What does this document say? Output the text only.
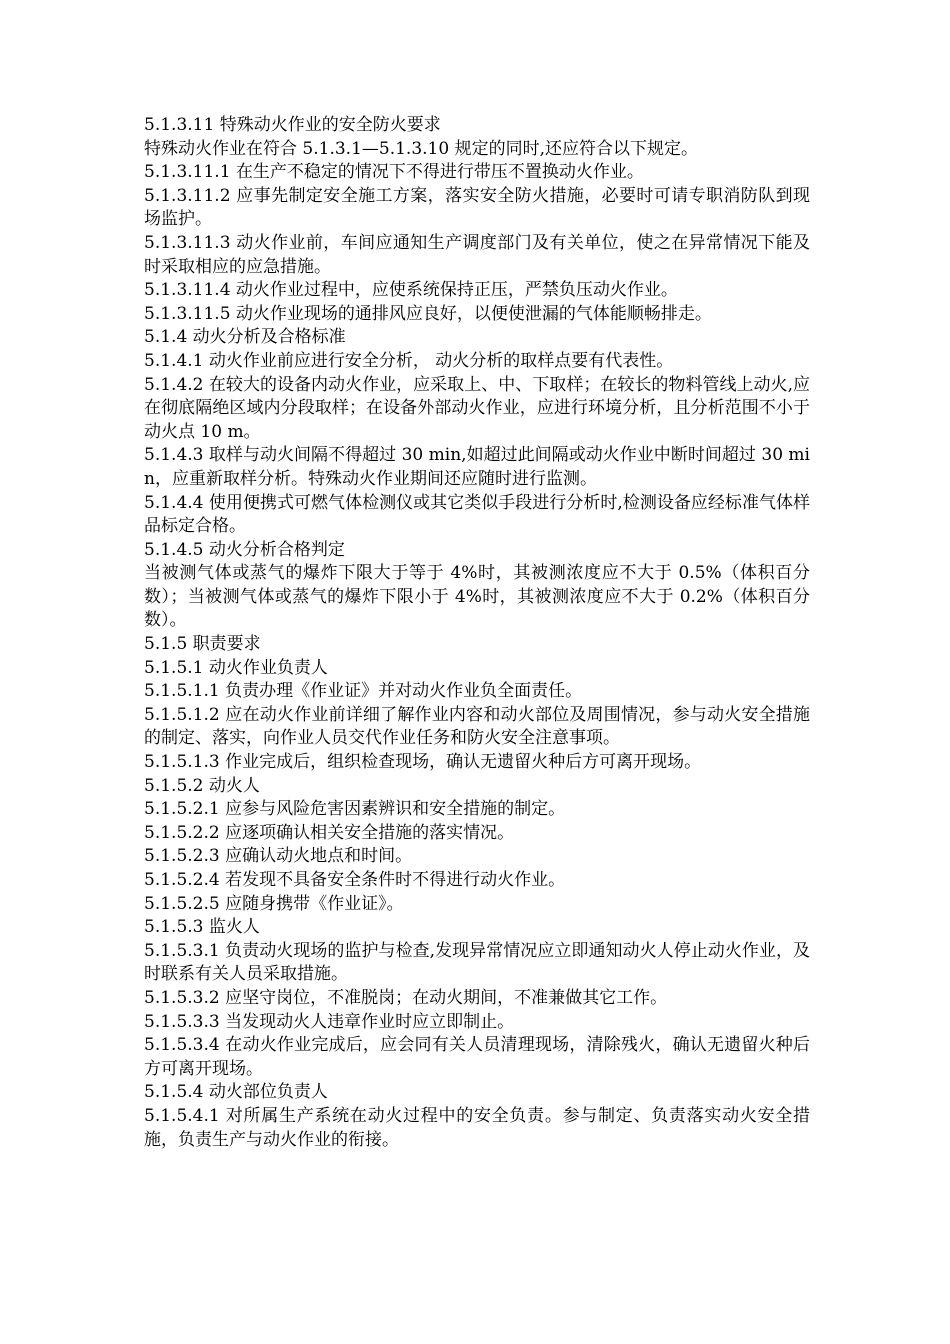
5.1.3.11 特殊动火作业的安全防火要求

特殊动火作业在符合 5.1.3.1—5.1.3.10 规定的同时,还应符合以下规定。

5.1.3.11.1 在生产不稳定的情况下不得进行带压不置换动火作业。

5.1.3.11.2 应事先制定安全施工方案，落实安全防火措施，必要时可请专职消防队到现场监护。

5.1.3.11.3 动火作业前，车间应通知生产调度部门及有关单位，使之在异常情况下能及时采取相应的应急措施。

5.1.3.11.4 动火作业过程中，应使系统保持正压，严禁负压动火作业。

5.1.3.11.5 动火作业现场的通排风应良好，以便使泄漏的气体能顺畅排走。

5.1.4 动火分析及合格标准

5.1.4.1 动火作业前应进行安全分析， 动火分析的取样点要有代表性。

5.1.4.2 在较大的设备内动火作业，应采取上、中、下取样；在较长的物料管线上动火,应在彻底隔绝区域内分段取样；在设备外部动火作业，应进行环境分析，且分析范围不小于动火点 10 m。

5.1.4.3 取样与动火间隔不得超过 30 min,如超过此间隔或动火作业中断时间超过 30 min，应重新取样分析。特殊动火作业期间还应随时进行监测。

5.1.4.4 使用便携式可燃气体检测仪或其它类似手段进行分析时,检测设备应经标准气体样品标定合格。

5.1.4.5 动火分析合格判定

当被测气体或蒸气的爆炸下限大于等于 4%时，其被测浓度应不大于 0.5%（体积百分数）；当被测气体或蒸气的爆炸下限小于 4%时，其被测浓度应不大于 0.2%（体积百分数）。

5.1.5 职责要求

5.1.5.1 动火作业负责人

5.1.5.1.1 负责办理《作业证》并对动火作业负全面责任。

5.1.5.1.2 应在动火作业前详细了解作业内容和动火部位及周围情况，参与动火安全措施的制定、落实，向作业人员交代作业任务和防火安全注意事项。

5.1.5.1.3 作业完成后，组织检查现场，确认无遗留火种后方可离开现场。

5.1.5.2 动火人

5.1.5.2.1 应参与风险危害因素辨识和安全措施的制定。

5.1.5.2.2 应逐项确认相关安全措施的落实情况。

5.1.5.2.3 应确认动火地点和时间。

5.1.5.2.4 若发现不具备安全条件时不得进行动火作业。

5.1.5.2.5 应随身携带《作业证》。

5.1.5.3 监火人

5.1.5.3.1 负责动火现场的监护与检查,发现异常情况应立即通知动火人停止动火作业，及时联系有关人员采取措施。

5.1.5.3.2 应坚守岗位，不准脱岗；在动火期间，不准兼做其它工作。

5.1.5.3.3 当发现动火人违章作业时应立即制止。

5.1.5.3.4 在动火作业完成后，应会同有关人员清理现场，清除残火，确认无遗留火种后方可离开现场。

5.1.5.4 动火部位负责人

5.1.5.4.1 对所属生产系统在动火过程中的安全负责。参与制定、负责落实动火安全措施，负责生产与动火作业的衔接。
